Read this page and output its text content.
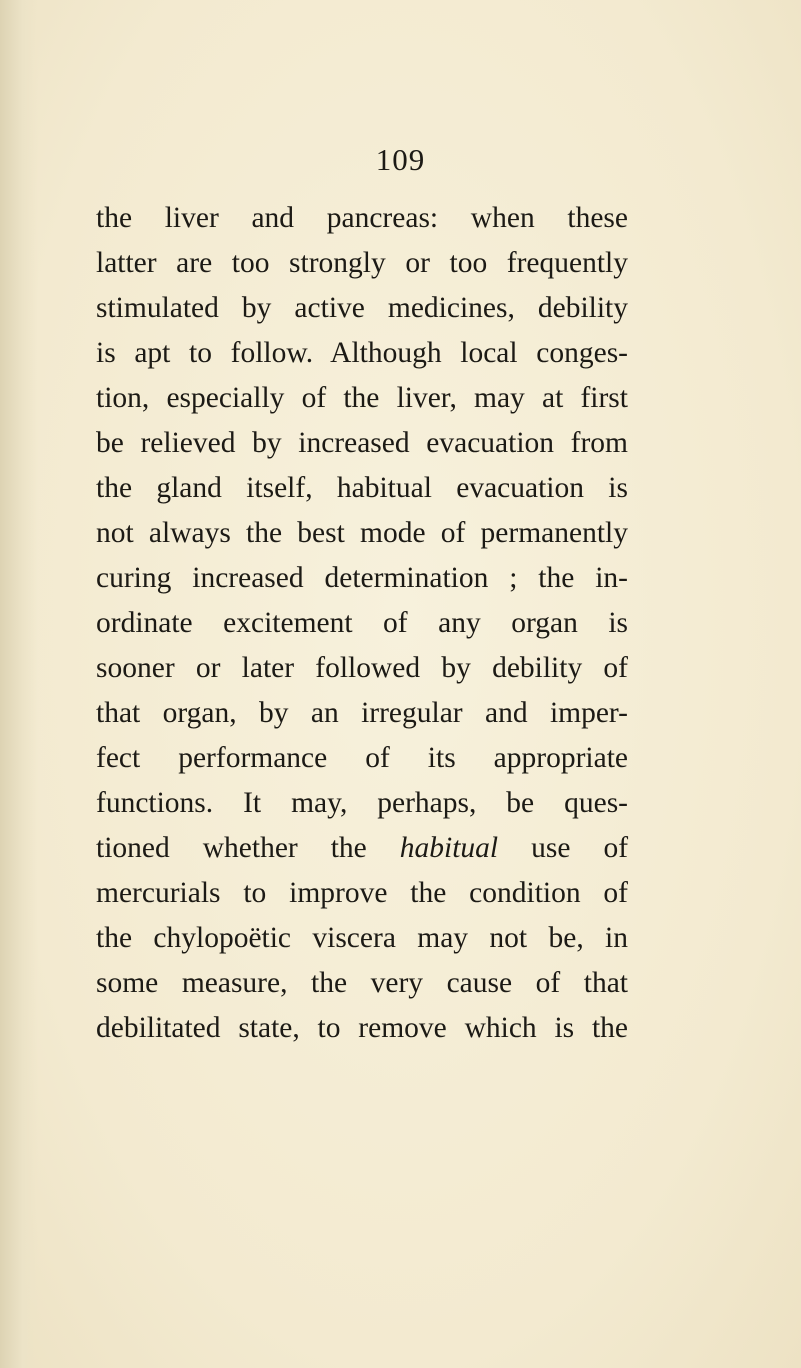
109
the liver and pancreas: when these
latter are too strongly or too frequently
stimulated by active medicines, debility
is apt to follow. Although local conges-
tion, especially of the liver, may at first
be relieved by increased evacuation from
the gland itself, habitual evacuation is
not always the best mode of permanently
curing increased determination ; the in-
ordinate excitement of any organ is
sooner or later followed by debility of
that organ, by an irregular and imper-
fect performance of its appropriate
functions. It may, perhaps, be ques-
tioned whether the habitual use of
mercurials to improve the condition of
the chylopoëtic viscera may not be, in
some measure, the very cause of that
debilitated state, to remove which is the
